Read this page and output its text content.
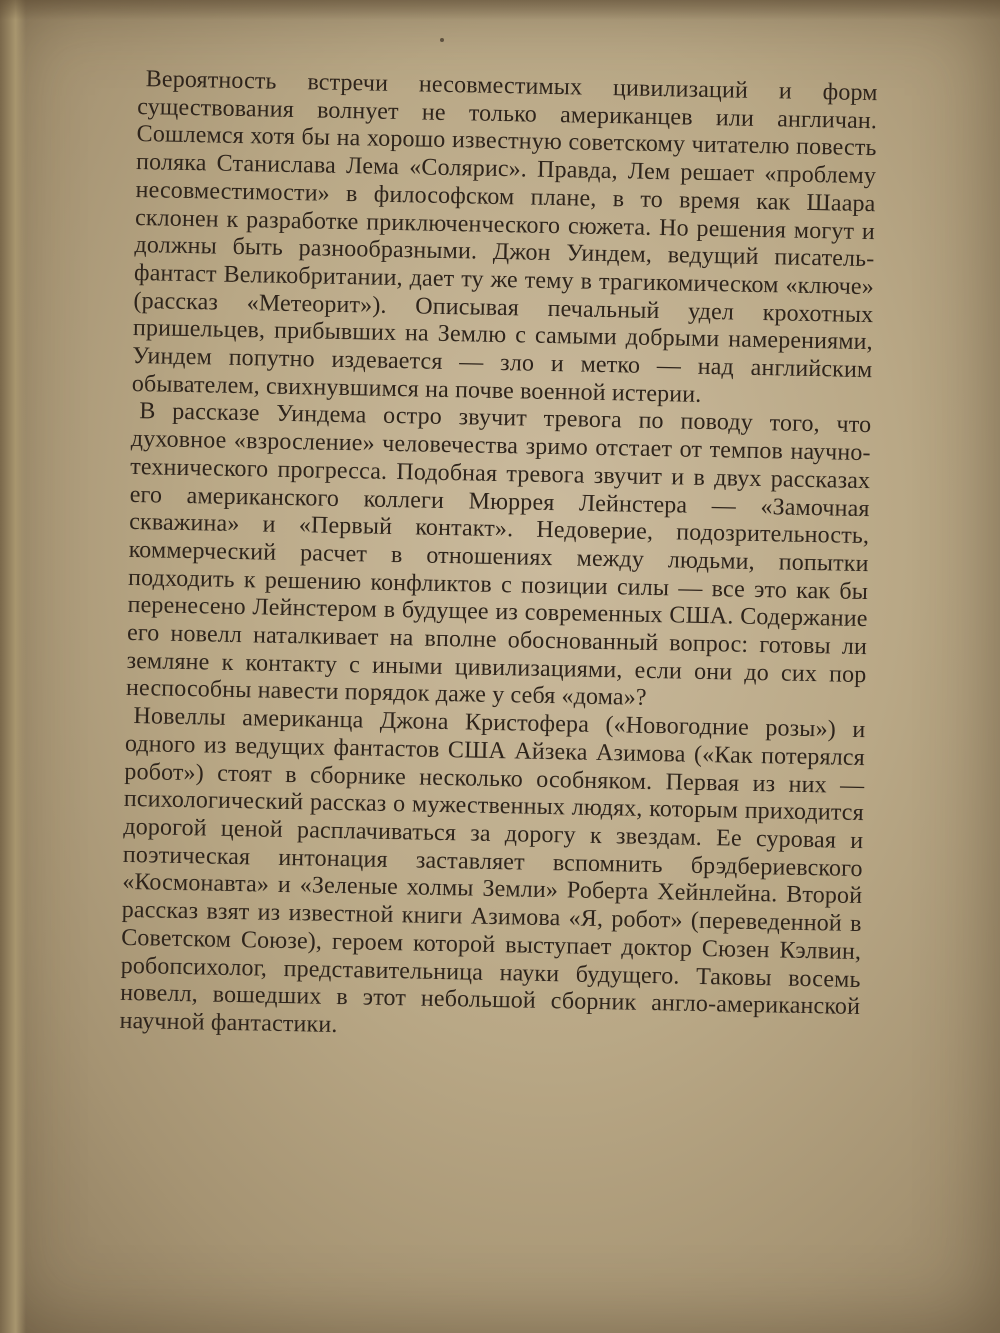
Вероятность встречи несовместимых цивилизаций и форм существования волнует не только американцев или англичан. Сошлемся хотя бы на хорошо известную советскому читателю повесть поляка Станислава Лема «Солярис». Правда, Лем решает «проблему несовместимости» в философском плане, в то время как Шаара склонен к разработке приключенческого сюжета. Но решения могут и должны быть разнообразными. Джон Уиндем, ведущий писатель-фантаст Великобритании, дает ту же тему в трагикомическом «ключе» (рассказ «Метеорит»). Описывая печальный удел крохотных пришельцев, прибывших на Землю с самыми добрыми намерениями, Уиндем попутно издевается — зло и метко — над английским обывателем, свихнувшимся на почве военной истерии.

В рассказе Уиндема остро звучит тревога по поводу того, что духовное «взросление» человечества зримо отстает от темпов научно-технического прогресса. Подобная тревога звучит и в двух рассказах его американского коллеги Мюррея Лейнстера — «Замочная скважина» и «Первый контакт». Недоверие, подозрительность, коммерческий расчет в отношениях между людьми, попытки подходить к решению конфликтов с позиции силы — все это как бы перенесено Лейнстером в будущее из современных США. Содержание его новелл наталкивает на вполне обоснованный вопрос: готовы ли земляне к контакту с иными цивилизациями, если они до сих пор неспособны навести порядок даже у себя «дома»?

Новеллы американца Джона Кристофера («Новогодние розы») и одного из ведущих фантастов США Айзека Азимова («Как потерялся робот») стоят в сборнике несколько особняком. Первая из них — психологический рассказ о мужественных людях, которым приходится дорогой ценой расплачиваться за дорогу к звездам. Ее суровая и поэтическая интонация заставляет вспомнить брэдбериевского «Космонавта» и «Зеленые холмы Земли» Роберта Хейнлейна. Второй рассказ взят из известной книги Азимова «Я, робот» (переведенной в Советском Союзе), героем которой выступает доктор Сюзен Кэлвин, робопсихолог, представительница науки будущего. Таковы восемь новелл, вошедших в этот небольшой сборник англо-американской научной фантастики.
